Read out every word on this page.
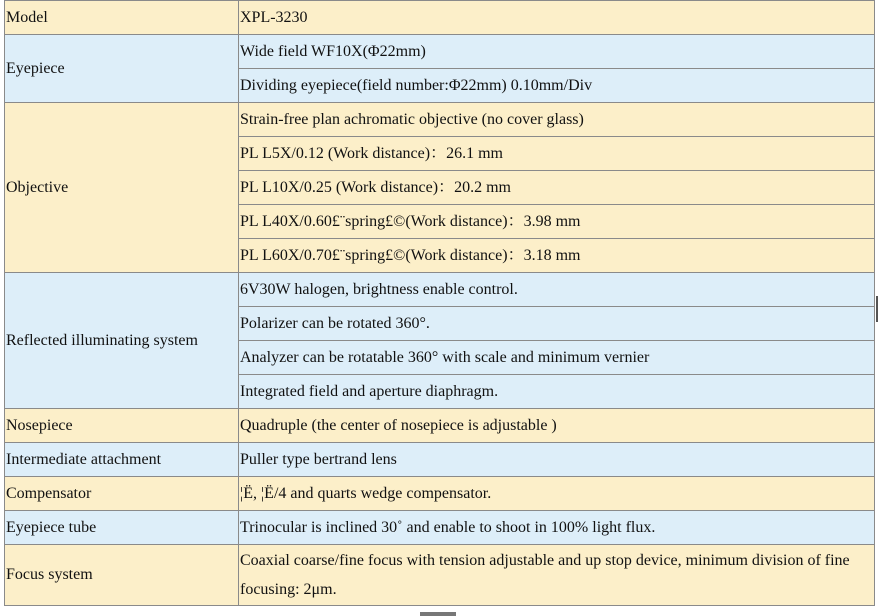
Model	XPL-3230
Eyepiece	Wide field WF10X(Φ22mm)
	Dividing eyepiece(field number:Φ22mm) 0.10mm/Div
Objective	Strain-free plan achromatic objective (no cover glass)
	PL L5X/0.12 (Work distance)：26.1 mm
	PL L10X/0.25 (Work distance)：20.2 mm
	PL L40X/0.60£¨spring£©(Work distance)：3.98 mm
	PL L60X/0.70£¨spring£©(Work distance)：3.18 mm
Reflected illuminating system	6V30W halogen, brightness enable control.
	Polarizer can be rotated 360°.
	Analyzer can be rotatable 360° with scale and minimum vernier
	Integrated field and aperture diaphragm.
Nosepiece	Quadruple (the center of nosepiece is adjustable )
Intermediate attachment	Puller type bertrand lens
Compensator	¦Ë, ¦Ë/4 and quarts wedge compensator.
Eyepiece tube	Trinocular is inclined 30˚ and enable to shoot in 100% light flux.
Focus system	Coaxial coarse/fine focus with tension adjustable and up stop device, minimum division of fine focusing: 2μm.
